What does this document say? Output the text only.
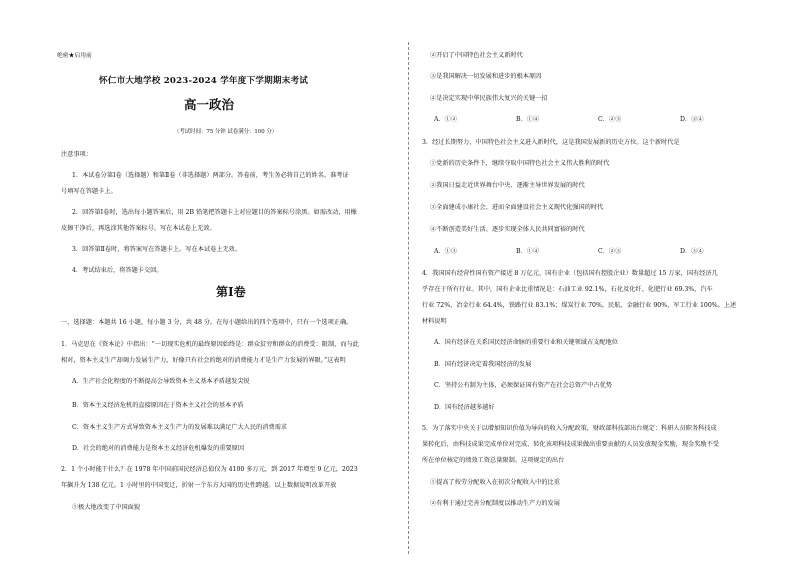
绝密★启用前
怀仁市大地学校 2023-2024 学年度下学期期末考试
高一政治
（考试时间：75 分钟 试卷满分：100 分）
注意事项：
1．本试卷分第Ⅰ卷（选择题）和第Ⅱ卷（非选择题）两部分。答卷前，考生务必将自己的姓名、准考证
号填写在答题卡上。
2．回答第Ⅰ卷时，选出每小题答案后，用 2B 铅笔把答题卡上对应题目的答案标号涂黑。如需改动，用橡
皮擦干净后，再选涂其他答案标号。写在本试卷上无效。
3．回答第Ⅱ卷时，将答案写在答题卡上。写在本试卷上无效。
4．考试结束后，将答题卡交回。
第Ⅰ卷
一、选择题：本题共 16 小题，每小题 3 分，共 48 分。在每小题给出的四个选项中，只有一个选项正确。
1．马克思在《资本论》中指出：“一切现实危机的最终原因始终是：群众贫穷和群众的消费受：限制，而与此
相对，资本主义生产却竭力发展生产力，好像只有社会的绝对的消费能力才是生产力发展的界限。”这表明
A．生产社会化程度的不断提高会导致资本主义基本矛盾越发尖锐
B．资本主义经济危机的直接原因在于资本主义社会的基本矛盾
C．资本主义生产方式导致资本主义生产力的发展难以满足广大人民的消费需求
D．社会的绝对的消费能力是资本主义经济危机爆发的重要原因
2．1 个小时能干什么？在 1978 年中国前国民经济总值仅为 4100 多万元，到 2017 年增至 9 亿元，2023
年飙升为 138 亿元。1 小时里的中国变迁，折射一个东方大国的历史性跨越。以上数据说明改革开放
①极大地改变了中国面貌
②开启了中国特色社会主义新时代
③是我国解决一切发展和进步的根本原因
④是决定实现中华民族伟大复兴的关键一招
A．①②	B．①④	C．②③	D．③④
3．经过长期努力，中国特色社会主义进入新时代，这是我国发展新的历史方位。这个新时代是
①党新的历史条件下，继续夺取中国特色社会主义伟大胜利的时代
②我国日益走近世界舞台中央、逐渐主导世界发展的时代
③全面建成小康社会、进而全面建设社会主义现代化强国的时代
④不断创造美好生活、逐步实现全体人民共同富裕的时代
A．①③	B．①④	C．②③	D．③④
4．我国国有经营性国有资产接近 8 万亿元，国有企业（包括国有控股企业）数量超过 15 万家，国有经济几
乎存在于所有行业。其中，国有企业比重情况是：石油工业 92.1%，石化及化纤、化肥行业 69.3%，汽车
行业 72%，冶金行业 64.4%，铁路行业 83.1%；煤炭行业 70%，民航、金融行业 90%，军工行业 100%。上述
材料说明
A．国有经济在关系国民经济命脉的重要行业和关键领域占支配地位
B．国有经济决定着我国经济的发展
C．坚持公有制为主体，必须保证国有资产在社会总资产中占优势
D．国有经济越多越好
5．为了落实中央关于以增加知识价值为导向的收入分配政策，财政部科技部出台规定：科研人员职务科技成
果转化后，由科技成果完成单位对完成、转化该项科技成果做出重要贡献的人员发放现金奖励，现金奖励不受
所在单位核定的绩效工资总量限制。这项规定的出台
①提高了按劳分配收入在初次分配收入中的比重
②有利于通过完善分配制度以推动生产力的发展
